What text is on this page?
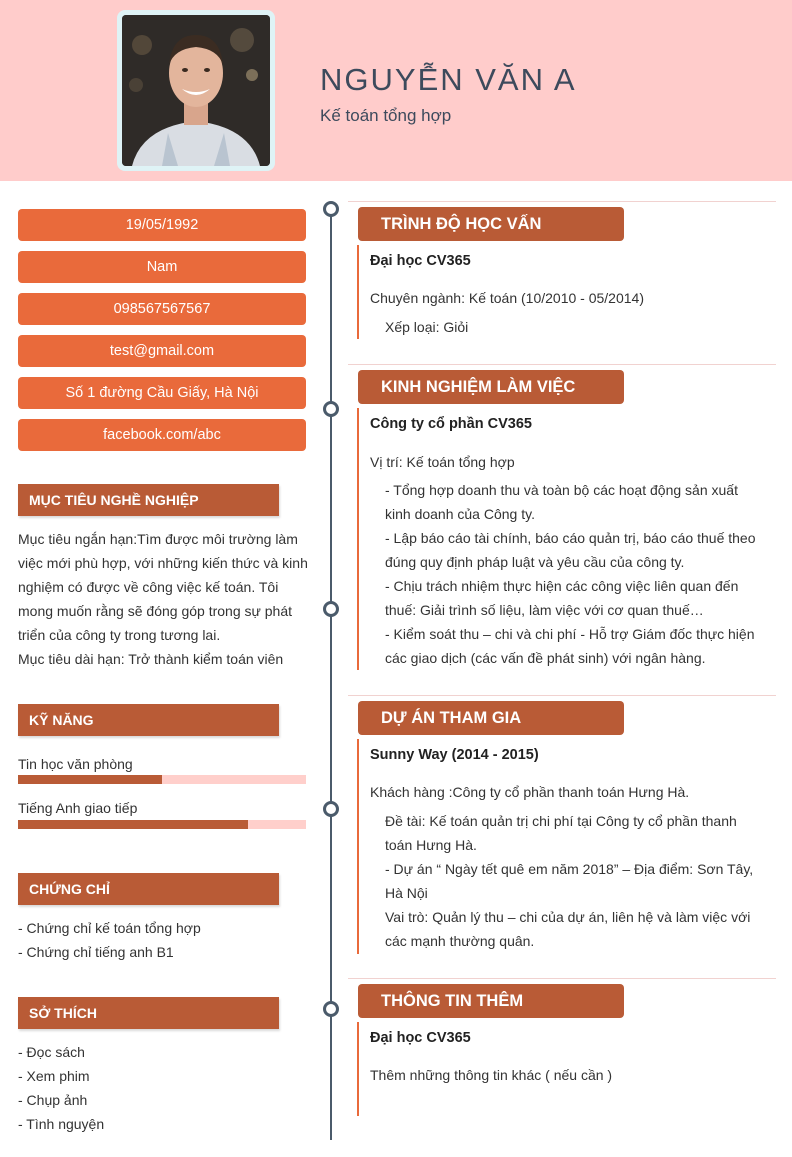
NGUYỄN VĂN A
Kế toán tổng hợp
19/05/1992
Nam
098567567567
test@gmail.com
Số 1 đường Cầu Giấy, Hà Nội
facebook.com/abc
MỤC TIÊU NGHỀ NGHIỆP
Mục tiêu ngắn hạn:Tìm được môi trường làm
việc mới phù hợp, với những kiến thức và kinh
nghiệm có được về công việc kế toán. Tôi
mong muốn rằng sẽ đóng góp trong sự phát
triển của công ty trong tương lai.
Mục tiêu dài hạn: Trở thành kiểm toán viên
KỸ NĂNG
Tin học văn phòng
Tiếng Anh giao tiếp
CHỨNG CHỈ
- Chứng chỉ kế toán tổng hợp
- Chứng chỉ tiếng anh B1
SỞ THÍCH
- Đọc sách
- Xem phim
- Chụp ảnh
- Tình nguyện
TRÌNH ĐỘ HỌC VẤN
Đại học CV365
Chuyên ngành: Kế toán (10/2010 - 05/2014)
Xếp loại: Giỏi
KINH NGHIỆM LÀM VIỆC
Công ty cổ phần CV365
Vị trí: Kế toán tổng hợp
- Tổng hợp doanh thu và toàn bộ các hoạt động sản xuất
kinh doanh của Công ty.
- Lập báo cáo tài chính, báo cáo quản trị, báo cáo thuế theo
đúng quy định pháp luật và yêu cầu của công ty.
- Chịu trách nhiệm thực hiện các công việc liên quan đến
thuế: Giải trình số liệu, làm việc với cơ quan thuế…
- Kiểm soát thu – chi và chi phí - Hỗ trợ Giám đốc thực hiện
các giao dịch (các vấn đề phát sinh) với ngân hàng.
DỰ ÁN THAM GIA
Sunny Way (2014 - 2015)
Khách hàng :Công ty cổ phần thanh toán Hưng Hà.
Đề tài: Kế toán quản trị chi phí tại Công ty cổ phần thanh
toán Hưng Hà.
- Dự án “ Ngày tết quê em năm 2018” – Địa điểm: Sơn Tây,
Hà Nội
Vai trò: Quản lý thu – chi của dự án, liên hệ và làm việc với
các mạnh thường quân.
THÔNG TIN THÊM
Đại học CV365
Thêm những thông tin khác ( nếu cần )
